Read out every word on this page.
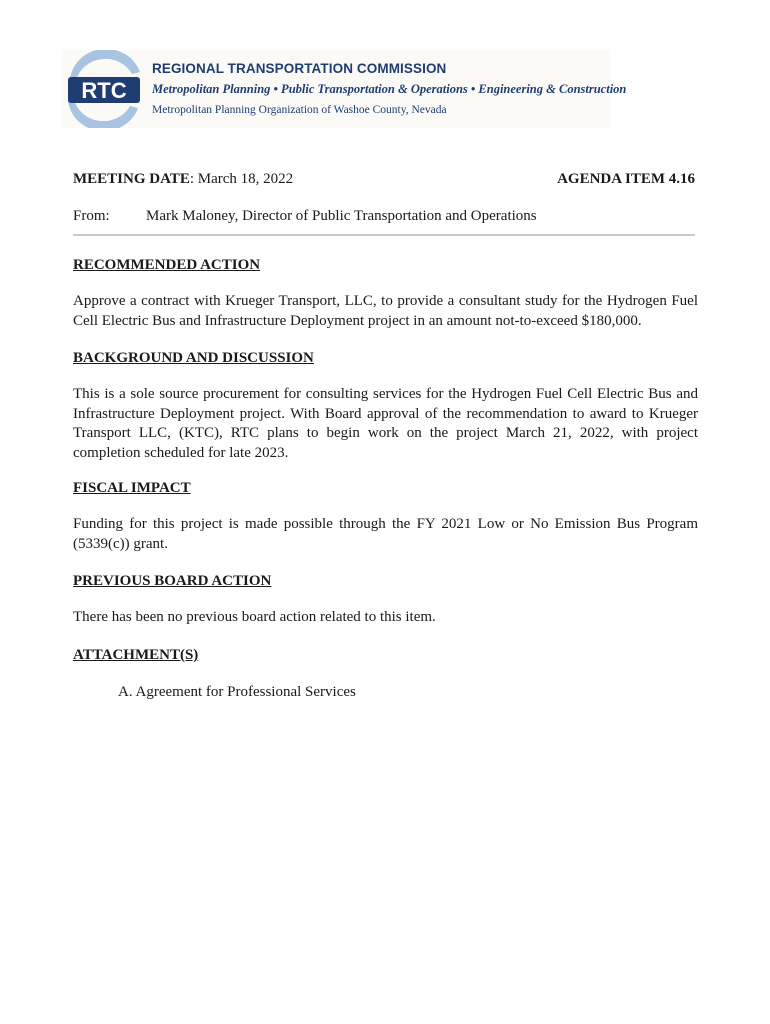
RTC
REGIONAL TRANSPORTATION COMMISSION
Metropolitan Planning • Public Transportation & Operations • Engineering & Construction
Metropolitan Planning Organization of Washoe County, Nevada
MEETING DATE: March 18, 2022	AGENDA ITEM 4.16
From: Mark Maloney, Director of Public Transportation and Operations
RECOMMENDED ACTION
Approve a contract with Krueger Transport, LLC, to provide a consultant study for the Hydrogen Fuel Cell Electric Bus and Infrastructure Deployment project in an amount not-to-exceed $180,000.
BACKGROUND AND DISCUSSION
This is a sole source procurement for consulting services for the Hydrogen Fuel Cell Electric Bus and Infrastructure Deployment project. With Board approval of the recommendation to award to Krueger Transport LLC, (KTC), RTC plans to begin work on the project March 21, 2022, with project completion scheduled for late 2023.
FISCAL IMPACT
Funding for this project is made possible through the FY 2021 Low or No Emission Bus Program (5339(c)) grant.
PREVIOUS BOARD ACTION
There has been no previous board action related to this item.
ATTACHMENT(S)
A. Agreement for Professional Services
